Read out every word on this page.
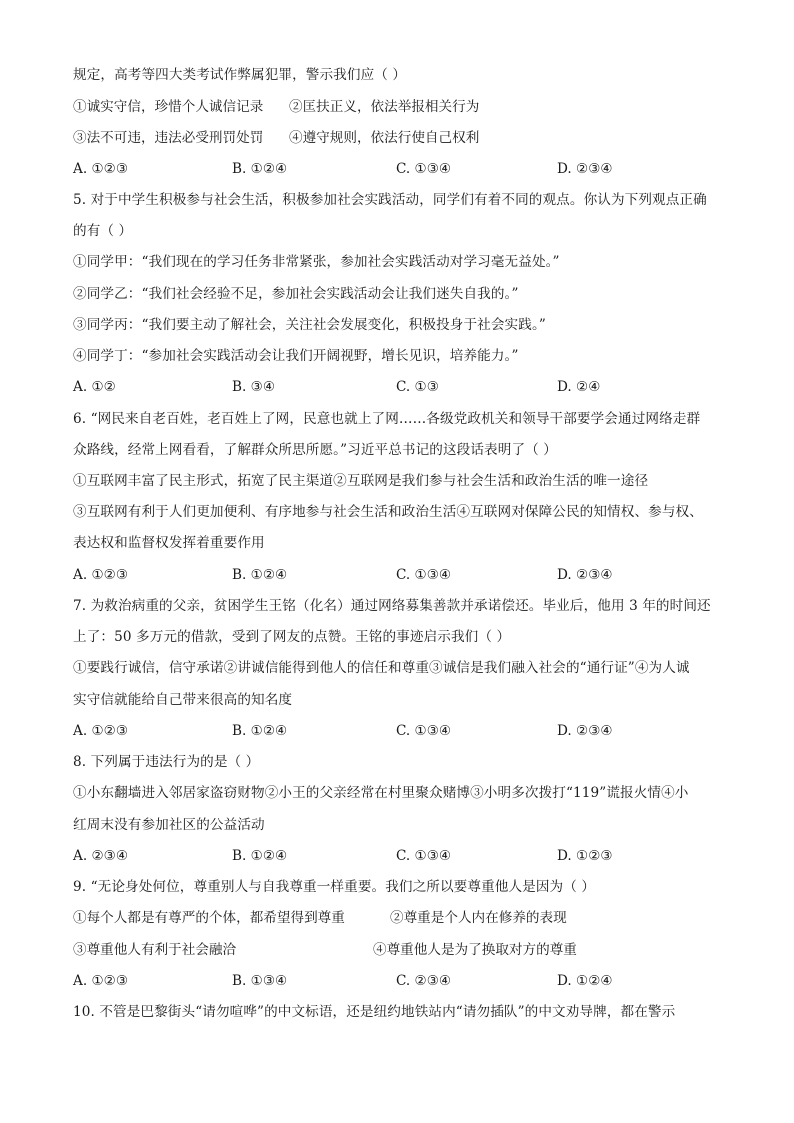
规定，高考等四大类考试作弊属犯罪，警示我们应（ ）
①诚实守信，珍惜个人诚信记录 ②匡扶正义，依法举报相关行为
③法不可违，违法必受刑罚处罚 ④遵守规则，依法行使自己权利
A. ①②③	B. ①②④	C. ①③④	D. ②③④
5. 对于中学生积极参与社会生活，积极参加社会实践活动，同学们有着不同的观点。你认为下列观点正确
的有（ ）
①同学甲：“我们现在的学习任务非常紧张，参加社会实践活动对学习毫无益处。”
②同学乙：“我们社会经验不足，参加社会实践活动会让我们迷失自我的。”
③同学丙：“我们要主动了解社会，关注社会发展变化，积极投身于社会实践。”
④同学丁：“参加社会实践活动会让我们开阔视野，增长见识，培养能力。”
A. ①②	B. ③④	C. ①③	D. ②④
6. “网民来自老百姓，老百姓上了网，民意也就上了网……各级党政机关和领导干部要学会通过网络走群
众路线，经常上网看看，了解群众所思所愿。”习近平总书记的这段话表明了（ ）
①互联网丰富了民主形式，拓宽了民主渠道②互联网是我们参与社会生活和政治生活的唯一途径
③互联网有利于人们更加便利、有序地参与社会生活和政治生活④互联网对保障公民的知情权、参与权、
表达权和监督权发挥着重要作用
A. ①②③	B. ①②④	C. ①③④	D. ②③④
7. 为救治病重的父亲，贫困学生王铭（化名）通过网络募集善款并承诺偿还。毕业后，他用 3 年的时间还
上了：50 多万元的借款，受到了网友的点赞。王铭的事迹启示我们（ ）
①要践行诚信，信守承诺②讲诚信能得到他人的信任和尊重③诚信是我们融入社会的“通行证”④为人诚
实守信就能给自己带来很高的知名度
A. ①②③	B. ①②④	C. ①③④	D. ②③④
8. 下列属于违法行为的是（ ）
①小东翻墙进入邻居家盗窃财物②小王的父亲经常在村里聚众赌博③小明多次拨打“119”谎报火情④小
红周末没有参加社区的公益活动
A. ②③④	B. ①②④	C. ①③④	D. ①②③
9. “无论身处何位，尊重别人与自我尊重一样重要。我们之所以要尊重他人是因为（ ）
①每个人都是有尊严的个体，都希望得到尊重	②尊重是个人内在修养的表现
③尊重他人有利于社会融洽	④尊重他人是为了换取对方的尊重
A. ①②③	B. ①③④	C. ②③④	D. ①②④
10. 不管是巴黎街头“请勿喧哗”的中文标语，还是纽约地铁站内“请勿插队”的中文劝导牌，都在警示
